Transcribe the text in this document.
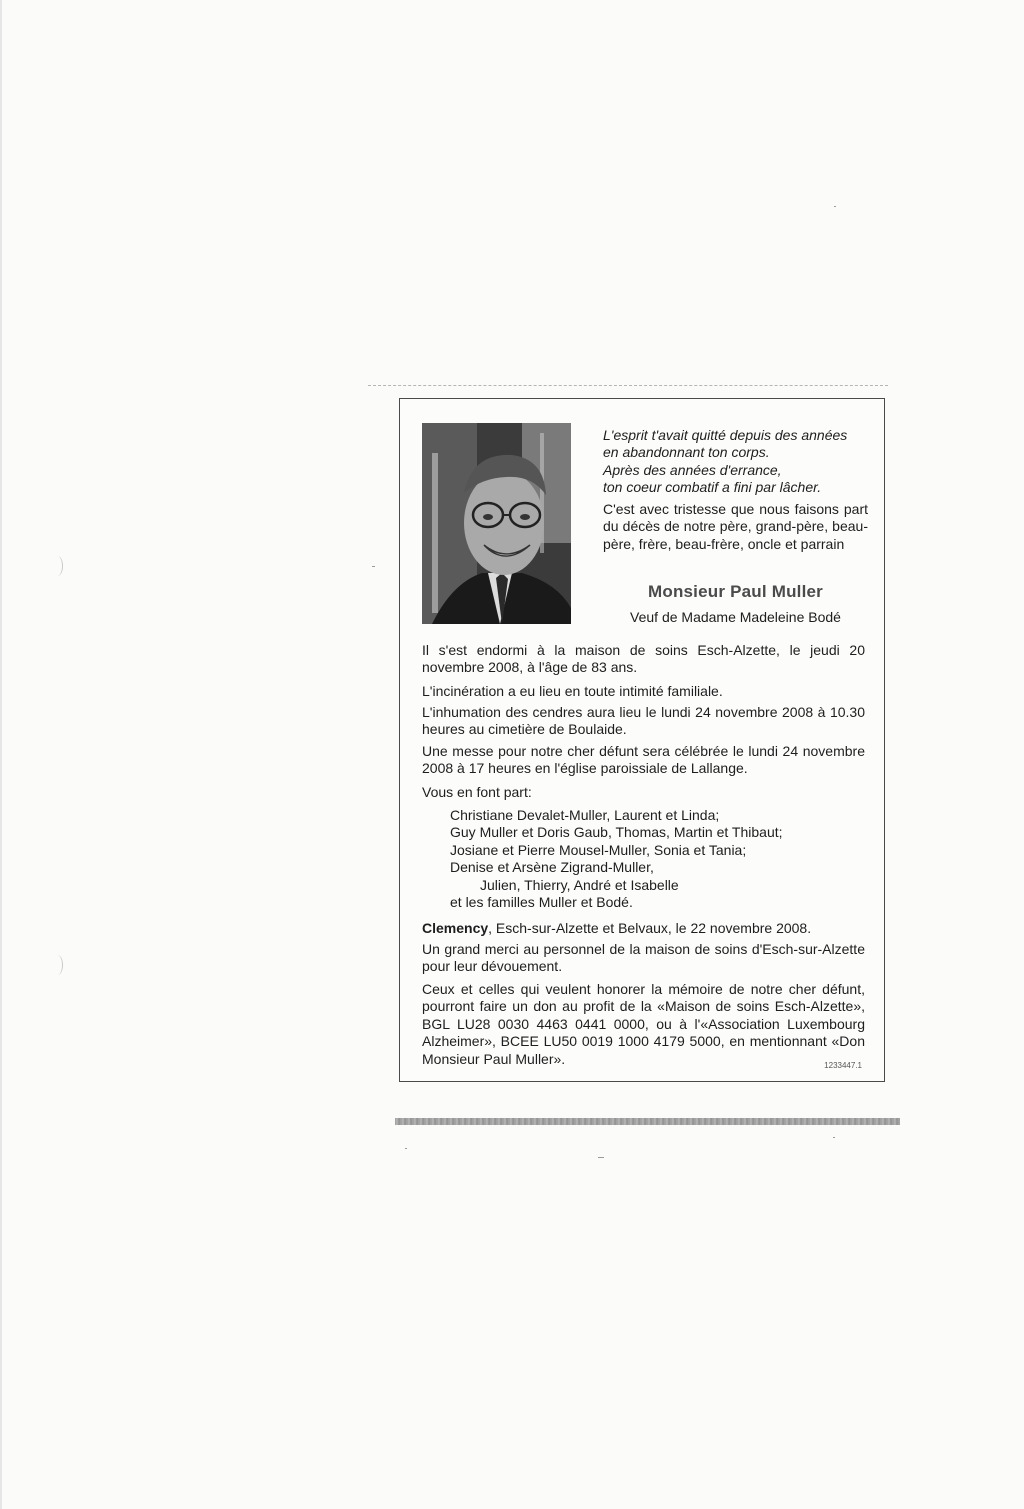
L'esprit t'avait quitté depuis des années
en abandonnant ton corps.
Après des années d'errance,
ton coeur combatif a fini par lâcher.
C'est avec tristesse que nous faisons part du décès de notre père, grand-père, beau-père, frère, beau-frère, oncle et parrain
Monsieur Paul Muller
Veuf de Madame Madeleine Bodé
Il s'est endormi à la maison de soins Esch-Alzette, le jeudi 20 novembre 2008, à l'âge de 83 ans.
L'incinération a eu lieu en toute intimité familiale.
L'inhumation des cendres aura lieu le lundi 24 novembre 2008 à 10.30 heures au cimetière de Boulaide.
Une messe pour notre cher défunt sera célébrée le lundi 24 novembre 2008 à 17 heures en l'église paroissiale de Lallange.
Vous en font part:
Christiane Devalet-Muller, Laurent et Linda;
Guy Muller et Doris Gaub, Thomas, Martin et Thibaut;
Josiane et Pierre Mousel-Muller, Sonia et Tania;
Denise et Arsène Zigrand-Muller,
Julien, Thierry, André et Isabelle
et les familles Muller et Bodé.
Clemency, Esch-sur-Alzette et Belvaux, le 22 novembre 2008.
Un grand merci au personnel de la maison de soins d'Esch-sur-Alzette pour leur dévouement.
Ceux et celles qui veulent honorer la mémoire de notre cher défunt, pourront faire un don au profit de la «Maison de soins Esch-Alzette», BGL LU28 0030 4463 0441 0000, ou à l'«Association Luxembourg Alzheimer», BCEE LU50 0019 1000 4179 5000, en mentionnant «Don Monsieur Paul Muller».	1233447.1
